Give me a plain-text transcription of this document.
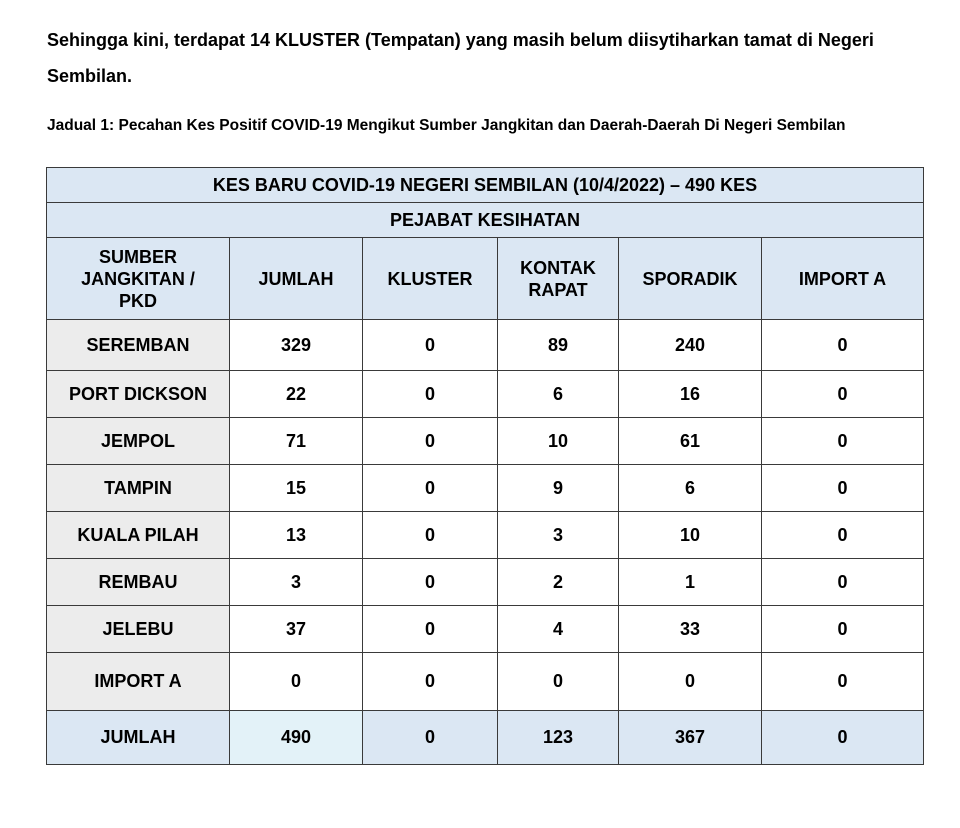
Sehingga kini, terdapat 14 KLUSTER (Tempatan) yang masih belum diisytiharkan tamat di Negeri Sembilan.

Jadual 1: Pecahan Kes Positif COVID-19 Mengikut Sumber Jangkitan dan Daerah-Daerah Di Negeri Sembilan

KES BARU COVID-19 NEGERI SEMBILAN (10/4/2022) – 490 KES					
PEJABAT KESIHATAN					
SUMBER JANGKITAN / PKD	JUMLAH	KLUSTER	KONTAK RAPAT	SPORADIK	IMPORT A
SEREMBAN	329	0	89	240	0
PORT DICKSON	22	0	6	16	0
JEMPOL	71	0	10	61	0
TAMPIN	15	0	9	6	0
KUALA PILAH	13	0	3	10	0
REMBAU	3	0	2	1	0
JELEBU	37	0	4	33	0
IMPORT A	0	0	0	0	0
JUMLAH	490	0	123	367	0
